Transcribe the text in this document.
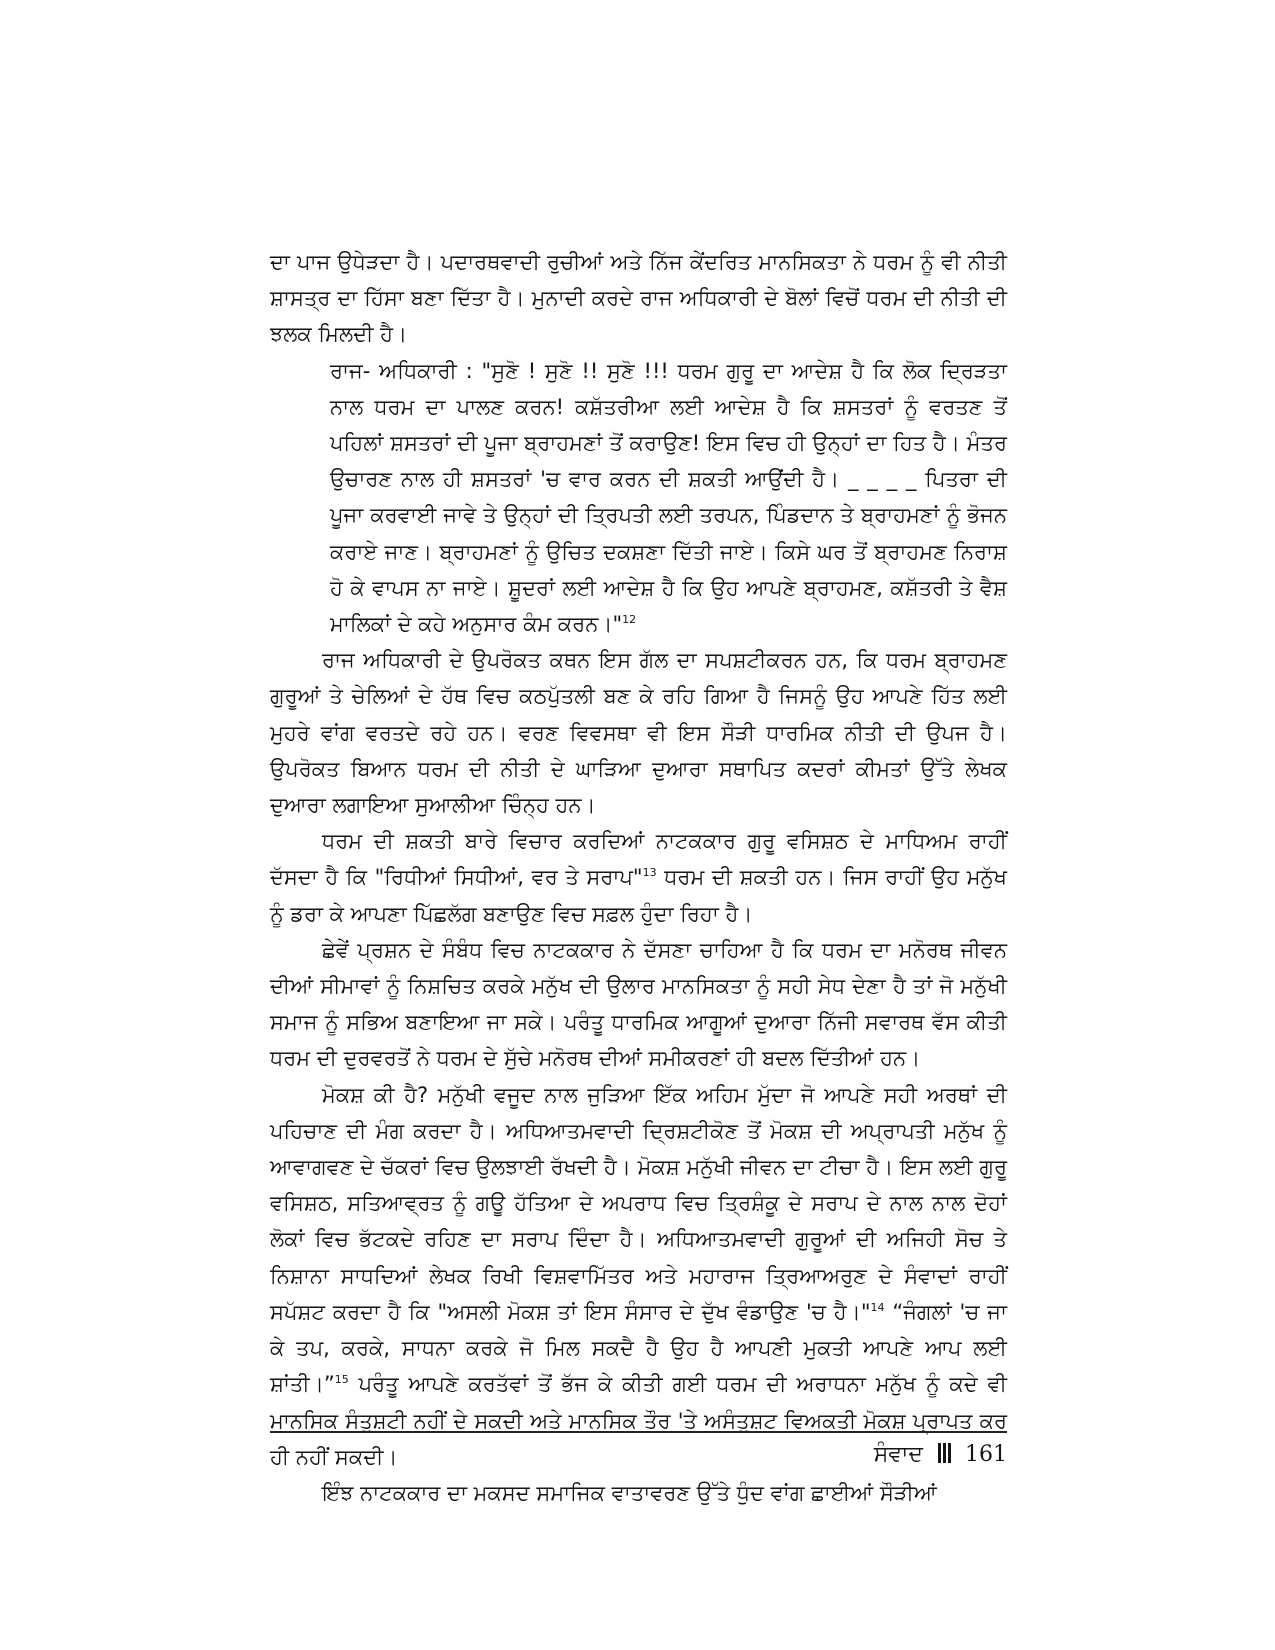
ਦਾ ਪਾਜ ਉਧੇੜਦਾ ਹੈ। ਪਦਾਰਥਵਾਦੀ ਰੁਚੀਆਂ ਅਤੇ ਨਿੱਜ ਕੇਂਦਰਿਤ ਮਾਨਸਿਕਤਾ ਨੇ ਧਰਮ ਨੂੰ ਵੀ ਨੀਤੀ ਸ਼ਾਸਤ੍ਰ ਦਾ ਹਿੱਸਾ ਬਣਾ ਦਿੱਤਾ ਹੈ। ਮੁਨਾਦੀ ਕਰਦੇ ਰਾਜ ਅਧਿਕਾਰੀ ਦੇ ਬੋਲਾਂ ਵਿਚੋਂ ਧਰਮ ਦੀ ਨੀਤੀ ਦੀ ਝਲਕ ਮਿਲਦੀ ਹੈ।

ਰਾਜ- ਅਧਿਕਾਰੀ : "ਸੁਣੋ ! ਸੁਣੋ !! ਸੁਣੋ !!! ਧਰਮ ਗੁਰੂ ਦਾ ਆਦੇਸ਼ ਹੈ ਕਿ ਲੋਕ ਦ੍ਰਿੜਤਾ ਨਾਲ ਧਰਮ ਦਾ ਪਾਲਣ ਕਰਨ! ਕਸ਼ੱਤਰੀਆ ਲਈ ਆਦੇਸ਼ ਹੈ ਕਿ ਸ਼ਸਤਰਾਂ ਨੂੰ ਵਰਤਣ ਤੋਂ ਪਹਿਲਾਂ ਸ਼ਸਤਰਾਂ ਦੀ ਪੂਜਾ ਬ੍ਰਾਹਮਣਾਂ ਤੋਂ ਕਰਾਉਣ! ਇਸ ਵਿਚ ਹੀ ਉਨ੍ਹਾਂ ਦਾ ਹਿਤ ਹੈ। ਮੰਤਰ ਉਚਾਰਣ ਨਾਲ ਹੀ ਸ਼ਸਤਰਾਂ 'ਚ ਵਾਰ ਕਰਨ ਦੀ ਸ਼ਕਤੀ ਆਉਂਦੀ ਹੈ। _ _ _ _ ਪਿਤਰਾ ਦੀ ਪੂਜਾ ਕਰਵਾਈ ਜਾਵੇ ਤੇ ਉਨ੍ਹਾਂ ਦੀ ਤ੍ਰਿਪਤੀ ਲਈ ਤਰਪਨ, ਪਿੰਡਦਾਨ ਤੇ ਬ੍ਰਾਹਮਣਾਂ ਨੂੰ ਭੋਜਨ ਕਰਾਏ ਜਾਣ। ਬ੍ਰਾਹਮਣਾਂ ਨੂੰ ਉਚਿਤ ਦਕਸ਼ਣਾ ਦਿੱਤੀ ਜਾਏ। ਕਿਸੇ ਘਰ ਤੋਂ ਬ੍ਰਾਹਮਣ ਨਿਰਾਸ਼ ਹੋ ਕੇ ਵਾਪਸ ਨਾ ਜਾਏ। ਸ਼ੂਦਰਾਂ ਲਈ ਆਦੇਸ਼ ਹੈ ਕਿ ਉਹ ਆਪਣੇ ਬ੍ਰਾਹਮਣ, ਕਸ਼ੱਤਰੀ ਤੇ ਵੈਸ਼ ਮਾਲਿਕਾਂ ਦੇ ਕਹੇ ਅਨੁਸਾਰ ਕੰਮ ਕਰਨ।"$^{12}$

ਰਾਜ ਅਧਿਕਾਰੀ ਦੇ ਉਪਰੋਕਤ ਕਥਨ ਇਸ ਗੱਲ ਦਾ ਸਪਸ਼ਟੀਕਰਨ ਹਨ, ਕਿ ਧਰਮ ਬ੍ਰਾਹਮਣ ਗੁਰੂਆਂ ਤੇ ਚੇਲਿਆਂ ਦੇ ਹੱਥ ਵਿਚ ਕਠਪੁੱਤਲੀ ਬਣ ਕੇ ਰਹਿ ਗਿਆ ਹੈ ਜਿਸਨੂੰ ਉਹ ਆਪਣੇ ਹਿੱਤ ਲਈ ਮੁਹਰੇ ਵਾਂਗ ਵਰਤਦੇ ਰਹੇ ਹਨ। ਵਰਣ ਵਿਵਸਥਾ ਵੀ ਇਸ ਸੌੜੀ ਧਾਰਮਿਕ ਨੀਤੀ ਦੀ ਉਪਜ ਹੈ। ਉਪਰੋਕਤ ਬਿਆਨ ਧਰਮ ਦੀ ਨੀਤੀ ਦੇ ਘਾੜਿਆ ਦੁਆਰਾ ਸਥਾਪਿਤ ਕਦਰਾਂ ਕੀਮਤਾਂ ਉੱਤੇ ਲੇਖਕ ਦੁਆਰਾ ਲਗਾਇਆ ਸੁਆਲੀਆ ਚਿੰਨ੍ਹ ਹਨ।

ਧਰਮ ਦੀ ਸ਼ਕਤੀ ਬਾਰੇ ਵਿਚਾਰ ਕਰਦਿਆਂ ਨਾਟਕਕਾਰ ਗੁਰੂ ਵਸਿਸ਼ਠ ਦੇ ਮਾਧਿਅਮ ਰਾਹੀਂ ਦੱਸਦਾ ਹੈ ਕਿ "ਰਿਧੀਆਂ ਸਿਧੀਆਂ, ਵਰ ਤੇ ਸਰਾਪ"$^{13}$ ਧਰਮ ਦੀ ਸ਼ਕਤੀ ਹਨ। ਜਿਸ ਰਾਹੀਂ ਉਹ ਮਨੁੱਖ ਨੂੰ ਡਰਾ ਕੇ ਆਪਣਾ ਪਿੱਛਲੱਗ ਬਣਾਉਣ ਵਿਚ ਸਫ਼ਲ ਹੁੰਦਾ ਰਿਹਾ ਹੈ।

ਛੇਵੇਂ ਪ੍ਰਸ਼ਨ ਦੇ ਸੰਬੰਧ ਵਿਚ ਨਾਟਕਕਾਰ ਨੇ ਦੱਸਣਾ ਚਾਹਿਆ ਹੈ ਕਿ ਧਰਮ ਦਾ ਮਨੋਰਥ ਜੀਵਨ ਦੀਆਂ ਸੀਮਾਵਾਂ ਨੂੰ ਨਿਸ਼ਚਿਤ ਕਰਕੇ ਮਨੁੱਖ ਦੀ ਉਲਾਰ ਮਾਨਸਿਕਤਾ ਨੂੰ ਸਹੀ ਸੇਧ ਦੇਣਾ ਹੈ ਤਾਂ ਜੋ ਮਨੁੱਖੀ ਸਮਾਜ ਨੂੰ ਸਭਿਅ ਬਣਾਇਆ ਜਾ ਸਕੇ। ਪਰੰਤੂ ਧਾਰਮਿਕ ਆਗੂਆਂ ਦੁਆਰਾ ਨਿੱਜੀ ਸਵਾਰਥ ਵੱਸ ਕੀਤੀ ਧਰਮ ਦੀ ਦੁਰਵਰਤੋਂ ਨੇ ਧਰਮ ਦੇ ਸੁੱਚੇ ਮਨੋਰਥ ਦੀਆਂ ਸਮੀਕਰਣਾਂ ਹੀ ਬਦਲ ਦਿੱਤੀਆਂ ਹਨ।

ਮੋਕਸ਼ ਕੀ ਹੈ? ਮਨੁੱਖੀ ਵਜੂਦ ਨਾਲ ਜੁੜਿਆ ਇੱਕ ਅਹਿਮ ਮੁੱਦਾ ਜੋ ਆਪਣੇ ਸਹੀ ਅਰਥਾਂ ਦੀ ਪਹਿਚਾਣ ਦੀ ਮੰਗ ਕਰਦਾ ਹੈ। ਅਧਿਆਤਮਵਾਦੀ ਦ੍ਰਿਸ਼ਟੀਕੋਣ ਤੋਂ ਮੋਕਸ਼ ਦੀ ਅਪ੍ਰਾਪਤੀ ਮਨੁੱਖ ਨੂੰ ਆਵਾਗਵਣ ਦੇ ਚੱਕਰਾਂ ਵਿਚ ਉਲਝਾਈ ਰੱਖਦੀ ਹੈ। ਮੋਕਸ਼ ਮਨੁੱਖੀ ਜੀਵਨ ਦਾ ਟੀਚਾ ਹੈ। ਇਸ ਲਈ ਗੁਰੂ ਵਸਿਸ਼ਠ, ਸਤਿਆਵ੍ਰਤ ਨੂੰ ਗਊ ਹੱਤਿਆ ਦੇ ਅਪਰਾਧ ਵਿਚ ਤ੍ਰਿਸ਼ੰਕੂ ਦੇ ਸਰਾਪ ਦੇ ਨਾਲ ਨਾਲ ਦੋਹਾਂ ਲੋਕਾਂ ਵਿਚ ਭੱਟਕਦੇ ਰਹਿਣ ਦਾ ਸਰਾਪ ਦਿੰਦਾ ਹੈ। ਅਧਿਆਤਮਵਾਦੀ ਗੁਰੂਆਂ ਦੀ ਅਜਿਹੀ ਸੋਚ ਤੇ ਨਿਸ਼ਾਨਾ ਸਾਧਦਿਆਂ ਲੇਖਕ ਰਿਖੀ ਵਿਸ਼ਵਾਮਿੱਤਰ ਅਤੇ ਮਹਾਰਾਜ ਤ੍ਰਿਆਅਰੁਣ ਦੇ ਸੰਵਾਦਾਂ ਰਾਹੀਂ ਸਪੱਸ਼ਟ ਕਰਦਾ ਹੈ ਕਿ "ਅਸਲੀ ਮੋਕਸ਼ ਤਾਂ ਇਸ ਸੰਸਾਰ ਦੇ ਦੁੱਖ ਵੰਡਾਉਣ 'ਚ ਹੈ।"$^{14}$ “ਜੰਗਲਾਂ 'ਚ ਜਾ ਕੇ ਤਪ, ਕਰਕੇ, ਸਾਧਨਾ ਕਰਕੇ ਜੋ ਮਿਲ ਸਕਦੈ ਹੈ ਉਹ ਹੈ ਆਪਣੀ ਮੁਕਤੀ ਆਪਣੇ ਆਪ ਲਈ ਸ਼ਾਂਤੀ।”$^{15}$ ਪਰੰਤੂ ਆਪਣੇ ਕਰਤੱਵਾਂ ਤੋਂ ਭੱਜ ਕੇ ਕੀਤੀ ਗਈ ਧਰਮ ਦੀ ਅਰਾਧਨਾ ਮਨੁੱਖ ਨੂੰ ਕਦੇ ਵੀ ਮਾਨਸਿਕ ਸੰਤੁਸ਼ਟੀ ਨਹੀਂ ਦੇ ਸਕਦੀ ਅਤੇ ਮਾਨਸਿਕ ਤੌਰ 'ਤੇ ਅਸੰਤੁਸ਼ਟ ਵਿਅਕਤੀ ਮੋਕਸ਼ ਪ੍ਰਾਪਤ ਕਰ ਹੀ ਨਹੀਂ ਸਕਦੀ।

ਇੰਝ ਨਾਟਕਕਾਰ ਦਾ ਮਕਸਦ ਸਮਾਜਿਕ ਵਾਤਾਵਰਣ ਉੱਤੇ ਧੁੰਦ ਵਾਂਗ ਛਾਈਆਂ ਸੌੜੀਆਂ

ਸੰਵਾਦ 161
